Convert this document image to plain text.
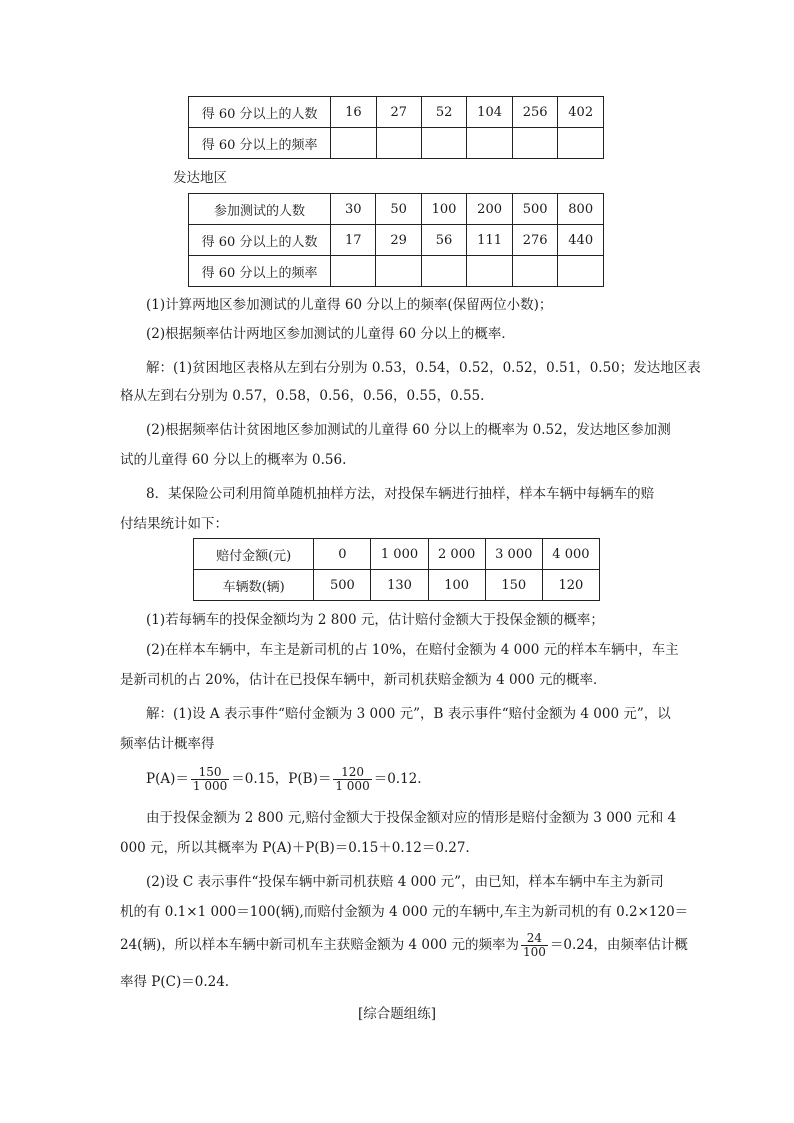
得 60 分以上的人数	16	27	52	104	256	402
得 60 分以上的频率						
发达地区
参加测试的人数	30	50	100	200	500	800
得 60 分以上的人数	17	29	56	111	276	440
得 60 分以上的频率						
(1)计算两地区参加测试的儿童得 60 分以上的频率(保留两位小数)；
(2)根据频率估计两地区参加测试的儿童得 60 分以上的概率．
解：(1)贫困地区表格从左到右分别为 0.53，0.54，0.52，0.52，0.51，0.50；发达地区表
格从左到右分别为 0.57，0.58，0.56，0.56，0.55，0.55.
(2)根据频率估计贫困地区参加测试的儿童得 60 分以上的概率为 0.52，发达地区参加测
试的儿童得 60 分以上的概率为 0.56.
8．某保险公司利用简单随机抽样方法，对投保车辆进行抽样，样本车辆中每辆车的赔
付结果统计如下：
赔付金额(元)	0	1 000	2 000	3 000	4 000
车辆数(辆)	500	130	100	150	120
(1)若每辆车的投保金额均为 2 800 元，估计赔付金额大于投保金额的概率；
(2)在样本车辆中，车主是新司机的占 10%，在赔付金额为 4 000 元的样本车辆中，车主
是新司机的占 20%，估计在已投保车辆中，新司机获赔金额为 4 000 元的概率．
解：(1)设 A 表示事件“赔付金额为 3 000 元”，B 表示事件“赔付金额为 4 000 元”，以
频率估计概率得
$P(A)= \frac{150}{1 000} =0.15$，$P(B)= \frac{120}{1 000} =0.12$.
由于投保金额为 2 800 元,赔付金额大于投保金额对应的情形是赔付金额为 3 000 元和 4
000 元，所以其概率为 P(A)＋P(B)＝0.15＋0.12＝0.27.
(2)设 C 表示事件“投保车辆中新司机获赔 4 000 元”，由已知，样本车辆中车主为新司
机的有 0.1×1 000＝100(辆),而赔付金额为 4 000 元的车辆中,车主为新司机的有 0.2×120＝
24(辆)，所以样本车辆中新司机车主获赔金额为 4 000 元的频率为 $\frac{24}{100} =0.24$，由频率估计概
率得 P(C)＝0.24.
[综合题组练]
